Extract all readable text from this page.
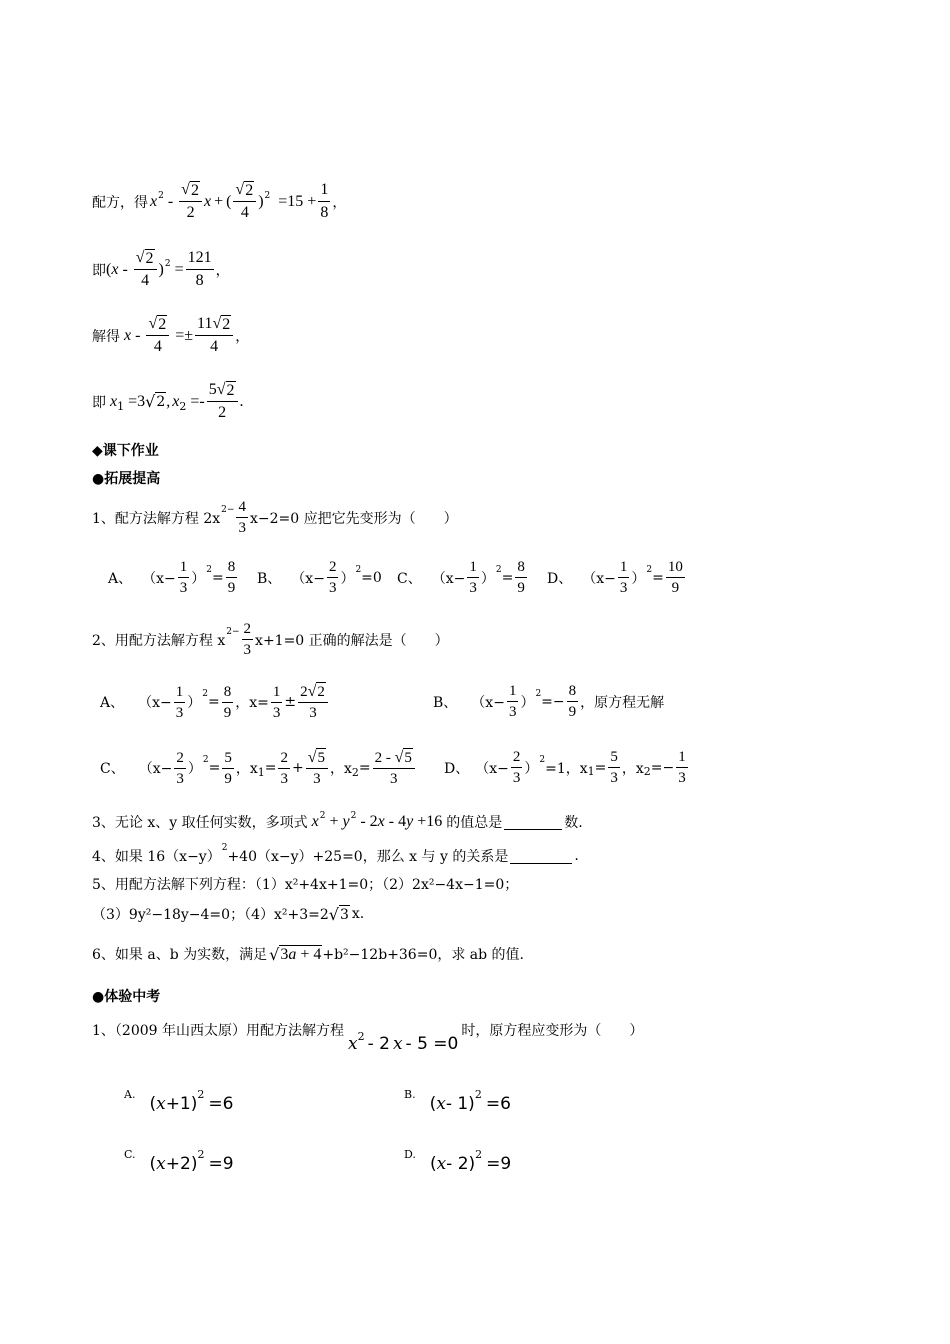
配方，得 x $2 - \frac{√ 2}{2}$ x + ( $\frac{√ 2}{4}$ ) $2 =15 + \frac{1}{8}$ ，
即 ( x - $\frac{√ 2}{4}$ ) $2 = \frac{121}{8}$ ，
解得 $x - \frac{√ 2}{4} =\pm \frac{11 √ 2}{4}$ ，
即 x 1 =3 √ 2 , x $2 =- \frac{5 √ 2}{2}$ .
◆课下作业
●拓展提高
1、配方法解方程 2x
$2- \frac{4}{3} x-2=0$ 应把它先变形为（　　）
A、 （$x- \frac{1}{3}$ ）
$2 = \frac{8}{9}$ B、 （$x- \frac{2}{3}$ ）
2 =0 C、 （$x- \frac{1}{3}$ ）
$2 = \frac{8}{9}$ D、 （$x- \frac{1}{3}$ ）
$2 = \frac{10}{9}$
2、用配方法解方程 x
$2- \frac{2}{3} x+1=0$ 正确的解法是（　　）
A、 （$x- \frac{1}{3}$ ）
$2 = \frac{8}{9}$ ，$x= \frac{1}{3} \pm \frac{2 √ 2}{3}$	B、 （$x- \frac{1}{3}$ ）
$2 =- \frac{8}{9}$ ，原方程无解
C、 （$x- \frac{2}{3}$ ）
$2 = \frac{5}{9}$ ，x $1 = \frac{2}{3} + \frac{√ 5}{3}$ ，x $2 = \frac{2 - √ 5}{3}$ D、 （$x- \frac{2}{3}$ ）
2
=1，x $1 = \frac{5}{3}$ ，x $2 =- \frac{1}{3}$
3、无论 x、y 取任何实数，多项式 x 2 + y 2 - 2 x - 4 y +16 的值总是	数.
4、如果 16（x−y）
2
+40（x−y）+25=0，那么 x 与 y 的关系是	.
5、用配方法解下列方程：（1）x²+4x+1=0；（2）2x²−4x−1=0；
（3）9y²−18y−4=0；（4）x²+3=2 √ 3 x.
6、如果 a、b 为实数，满足 √ 3a + 4 +b²−12b+36=0，求 ab 的值.
●体验中考
1、（2009 年山西太原）用配方法解方程
x 2 - 2 x - 5 =0
时，原方程应变形为（　　）
A. ( x +1) 2 =6	B. ( x - 1) 2 =6
C. ( x +2) 2 =9	D. ( x - 2) 2 =9
